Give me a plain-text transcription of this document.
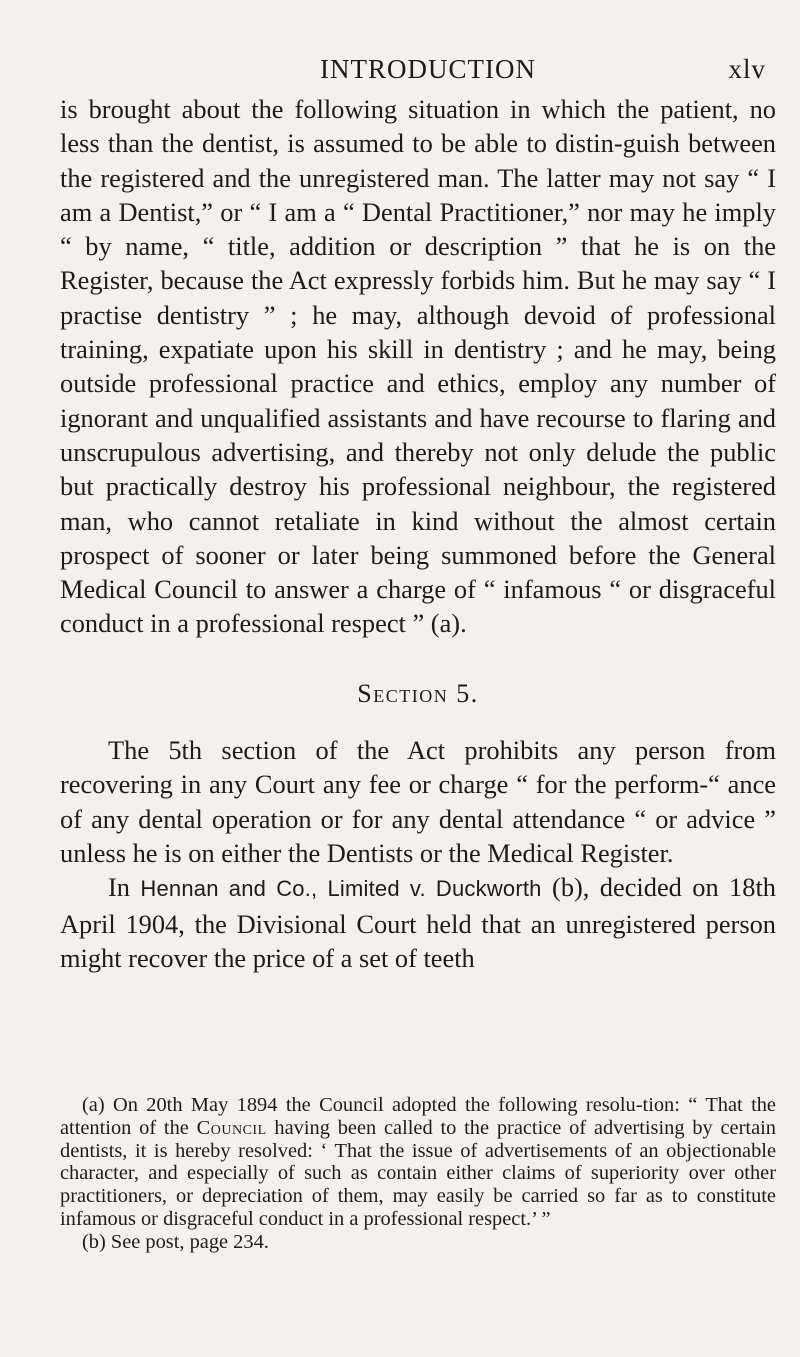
INTRODUCTION	xlv

is brought about the following situation in which the patient, no less than the dentist, is assumed to be able to distin-guish between the registered and the unregistered man. The latter may not say “ I am a Dentist,” or “ I am a “ Dental Practitioner,” nor may he imply “ by name, “ title, addition or description ” that he is on the Register, because the Act expressly forbids him. But he may say “ I practise dentistry ” ; he may, although devoid of professional training, expatiate upon his skill in dentistry ; and he may, being outside professional practice and ethics, employ any number of ignorant and unqualified assistants and have recourse to flaring and unscrupulous advertising, and thereby not only delude the public but practically destroy his professional neighbour, the registered man, who cannot retaliate in kind without the almost certain prospect of sooner or later being summoned before the General Medical Council to answer a charge of “ infamous “ or disgraceful conduct in a professional respect ” (a).

Section 5.

The 5th section of the Act prohibits any person from recovering in any Court any fee or charge “ for the perform-“ ance of any dental operation or for any dental attendance “ or advice ” unless he is on either the Dentists or the Medical Register.

In Hennan and Co., Limited v. Duckworth (b), decided on 18th April 1904, the Divisional Court held that an unregistered person might recover the price of a set of teeth

(a) On 20th May 1894 the Council adopted the following resolu-tion: “ That the attention of the Council having been called to the practice of advertising by certain dentists, it is hereby resolved: ‘ That the issue of advertisements of an objectionable character, and especially of such as contain either claims of superiority over other practitioners, or depreciation of them, may easily be carried so far as to constitute infamous or disgraceful conduct in a professional respect.’ ”

(b) See post, page 234.
